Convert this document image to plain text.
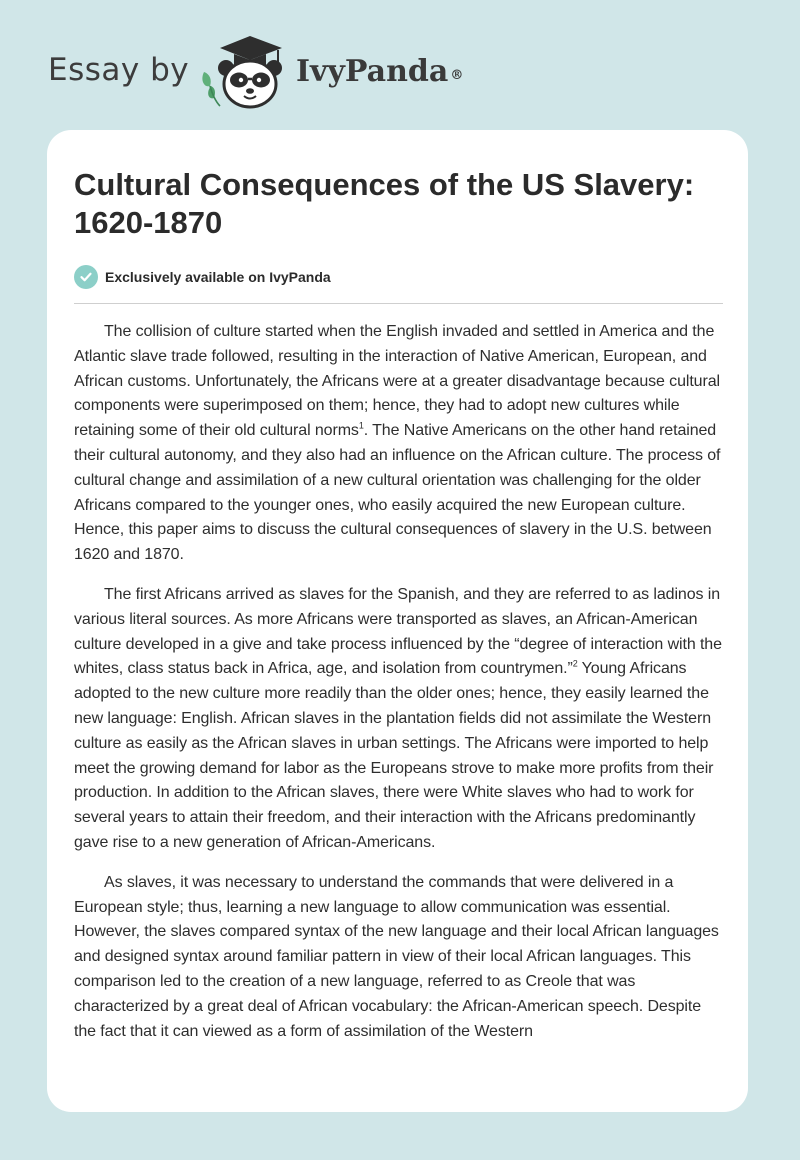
Essay by	IvyPanda ®
Cultural Consequences of the US Slavery: 1620-1870
Exclusively available on IvyPanda

The collision of culture started when the English invaded and settled in America and the Atlantic slave trade followed, resulting in the interaction of Native American, European, and African customs. Unfortunately, the Africans were at a greater disadvantage because cultural components were superimposed on them; hence, they had to adopt new cultures while retaining some of their old cultural norms$^1$. The Native Americans on the other hand retained their cultural autonomy, and they also had an influence on the African culture. The process of cultural change and assimilation of a new cultural orientation was challenging for the older Africans compared to the younger ones, who easily acquired the new European culture. Hence, this paper aims to discuss the cultural consequences of slavery in the U.S. between 1620 and 1870.

The first Africans arrived as slaves for the Spanish, and they are referred to as ladinos in various literal sources. As more Africans were transported as slaves, an African-American culture developed in a give and take process influenced by the “degree of interaction with the whites, class status back in Africa, age, and isolation from countrymen.”$^2$ Young Africans adopted to the new culture more readily than the older ones; hence, they easily learned the new language: English. African slaves in the plantation fields did not assimilate the Western culture as easily as the African slaves in urban settings. The Africans were imported to help meet the growing demand for labor as the Europeans strove to make more profits from their production. In addition to the African slaves, there were White slaves who had to work for several years to attain their freedom, and their interaction with the Africans predominantly gave rise to a new generation of African-Americans.

As slaves, it was necessary to understand the commands that were delivered in a European style; thus, learning a new language to allow communication was essential. However, the slaves compared syntax of the new language and their local African languages and designed syntax around familiar pattern in view of their local African languages. This comparison led to the creation of a new language, referred to as Creole that was characterized by a great deal of African vocabulary: the African-American speech. Despite the fact that it can viewed as a form of assimilation of the Western
